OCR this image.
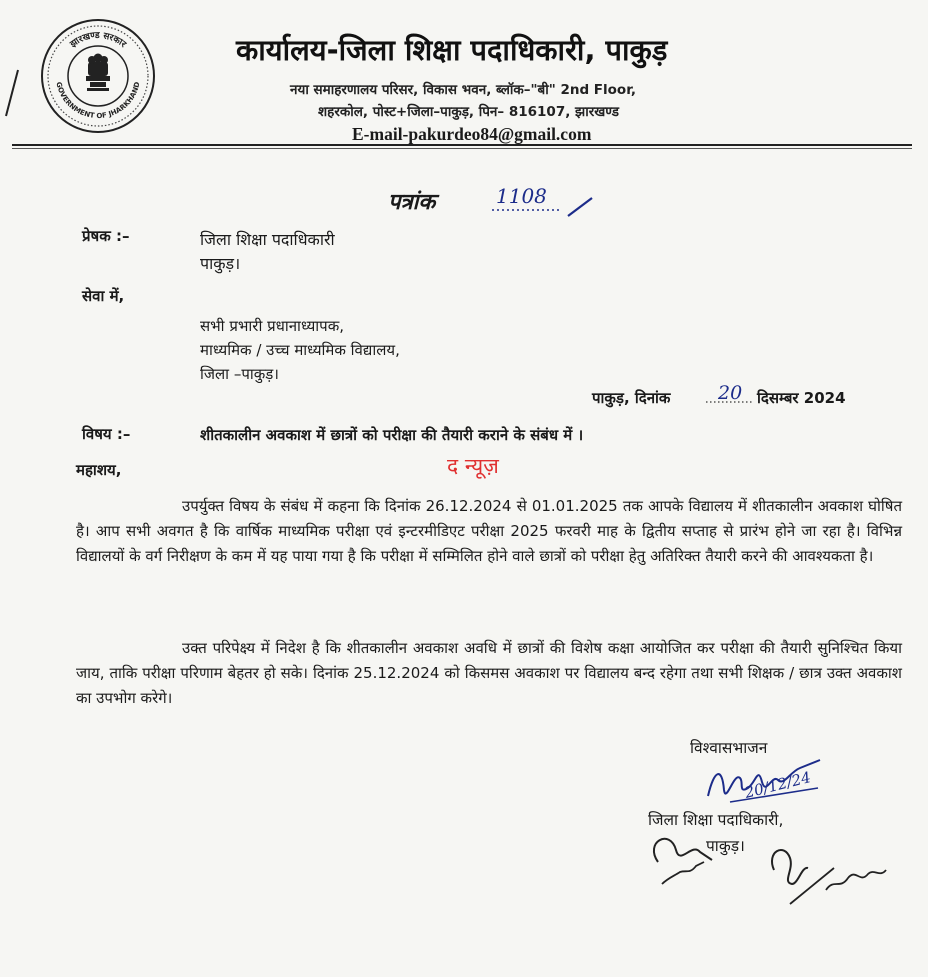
झारखण्ड सरकार
GOVERNMENT OF JHARKHAND
कार्यालय-जिला शिक्षा पदाधिकारी, पाकुड़
नया समाहरणालय परिसर, विकास भवन, ब्लॉक–"बी" 2nd Floor,
शहरकोल, पोस्ट+जिला–पाकुड़, पिन– 816107, झारखण्ड
E-mail-pakurdeo84@gmail.com
पत्रांक	1108
प्रेषक :–	जिला शिक्षा पदाधिकारी
पाकुड़।
सेवा में,
सभी प्रभारी प्रधानाध्यापक,
माध्यमिक / उच्च माध्यमिक विद्यालय,
जिला –पाकुड़।
पाकुड़, दिनांक	20 दिसम्बर 2024
विषय :–	शीतकालीन अवकाश में छात्रों को परीक्षा की तैयारी कराने के संबंध में ।
महाशय,	द न्यूज़
उपर्युक्त विषय के संबंध में कहना कि दिनांक 26.12.2024 से 01.01.2025 तक आपके विद्यालय में शीतकालीन अवकाश घोषित है। आप सभी अवगत है कि वार्षिक माध्यमिक परीक्षा एवं इन्टरमीडिएट परीक्षा 2025 फरवरी माह के द्वितीय सप्ताह से प्रारंभ होने जा रहा है। विभिन्न विद्यालयों के वर्ग निरीक्षण के कम में यह पाया गया है कि परीक्षा में सम्मिलित होने वाले छात्रों को परीक्षा हेतु अतिरिक्त तैयारी करने की आवश्यकता है।
उक्त परिपेक्ष्य में निदेश है कि शीतकालीन अवकाश अवधि में छात्रों की विशेष कक्षा आयोजित कर परीक्षा की तैयारी सुनिश्चित किया जाय, ताकि परीक्षा परिणाम बेहतर हो सके। दिनांक 25.12.2024 को किसमस अवकाश पर विद्यालय बन्द रहेगा तथा सभी शिक्षक / छात्र उक्त अवकाश का उपभोग करेगे।
विश्वासभाजन
20/12/24
जिला शिक्षा पदाधिकारी,
पाकुड़।
